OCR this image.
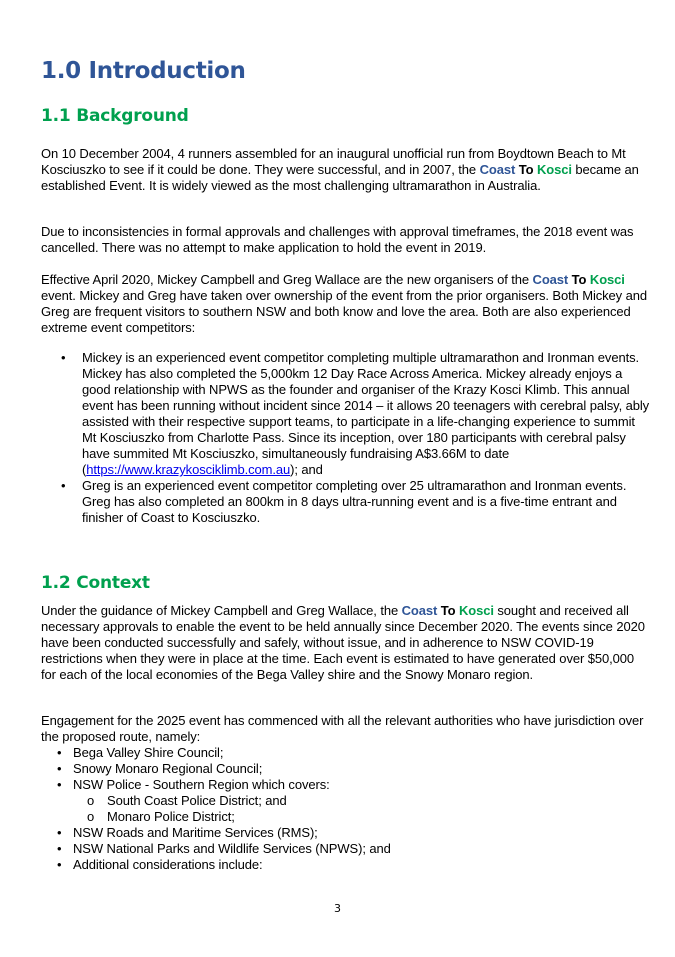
1.0 Introduction
1.1 Background

On 10 December 2004, 4 runners assembled for an inaugural unofficial run from Boydtown Beach to Mt Kosciuszko to see if it could be done. They were successful, and in 2007, the Coast To Kosci became an established Event. It is widely viewed as the most challenging ultramarathon in Australia.

Due to inconsistencies in formal approvals and challenges with approval timeframes, the 2018 event was cancelled. There was no attempt to make application to hold the event in 2019.

Effective April 2020, Mickey Campbell and Greg Wallace are the new organisers of the Coast To Kosci event. Mickey and Greg have taken over ownership of the event from the prior organisers. Both Mickey and Greg are frequent visitors to southern NSW and both know and love the area. Both are also experienced extreme event competitors:

• Mickey is an experienced event competitor completing multiple ultramarathon and Ironman events. Mickey has also completed the 5,000km 12 Day Race Across America. Mickey already enjoys a good relationship with NPWS as the founder and organiser of the Krazy Kosci Klimb. This annual event has been running without incident since 2014 – it allows 20 teenagers with cerebral palsy, ably assisted with their respective support teams, to participate in a life-changing experience to summit Mt Kosciuszko from Charlotte Pass. Since its inception, over 180 participants with cerebral palsy have summited Mt Kosciuszko, simultaneously fundraising A$3.66M to date (https://www.krazykosciklimb.com.au); and
• Greg is an experienced event competitor completing over 25 ultramarathon and Ironman events. Greg has also completed an 800km in 8 days ultra-running event and is a five-time entrant and finisher of Coast to Kosciuszko.
1.2 Context

Under the guidance of Mickey Campbell and Greg Wallace, the Coast To Kosci sought and received all necessary approvals to enable the event to be held annually since December 2020. The events since 2020 have been conducted successfully and safely, without issue, and in adherence to NSW COVID-19 restrictions when they were in place at the time. Each event is estimated to have generated over $50,000 for each of the local economies of the Bega Valley shire and the Snowy Monaro region.

Engagement for the 2025 event has commenced with all the relevant authorities who have jurisdiction over the proposed route, namely:

• Bega Valley Shire Council;
• Snowy Monaro Regional Council;
• NSW Police - Southern Region which covers:
o South Coast Police District; and
o Monaro Police District;
• NSW Roads and Maritime Services (RMS);
• NSW National Parks and Wildlife Services (NPWS); and
• Additional considerations include:
3
